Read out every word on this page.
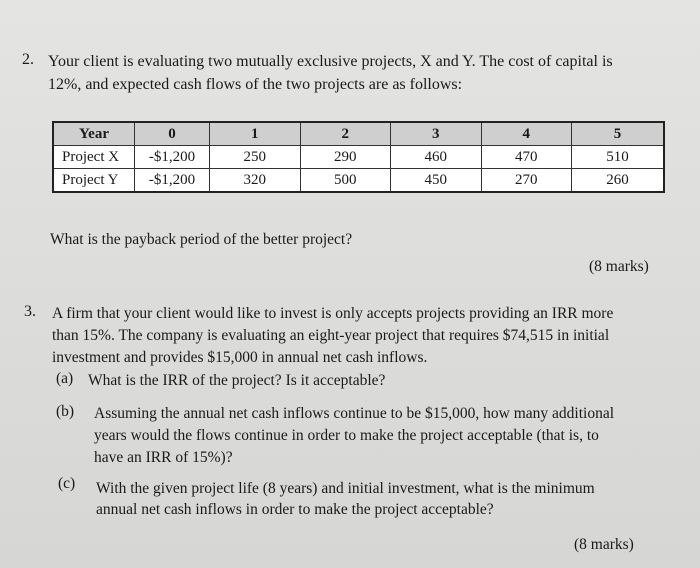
2. Your client is evaluating two mutually exclusive projects, X and Y. The cost of capital is
12%, and expected cash flows of the two projects are as follows:
Year	0	1	2	3	4	5
Project X	-$1,200	250	290	460	470	510
Project Y	-$1,200	320	500	450	270	260
What is the payback period of the better project?
(8 marks)
3. A firm that your client would like to invest is only accepts projects providing an IRR more
than 15%. The company is evaluating an eight-year project that requires $74,515 in initial
investment and provides $15,000 in annual net cash inflows.
(a) What is the IRR of the project? Is it acceptable?
(b) Assuming the annual net cash inflows continue to be $15,000, how many additional
years would the flows continue in order to make the project acceptable (that is, to
have an IRR of 15%)?
(c) With the given project life (8 years) and initial investment, what is the minimum
annual net cash inflows in order to make the project acceptable?
(8 marks)
